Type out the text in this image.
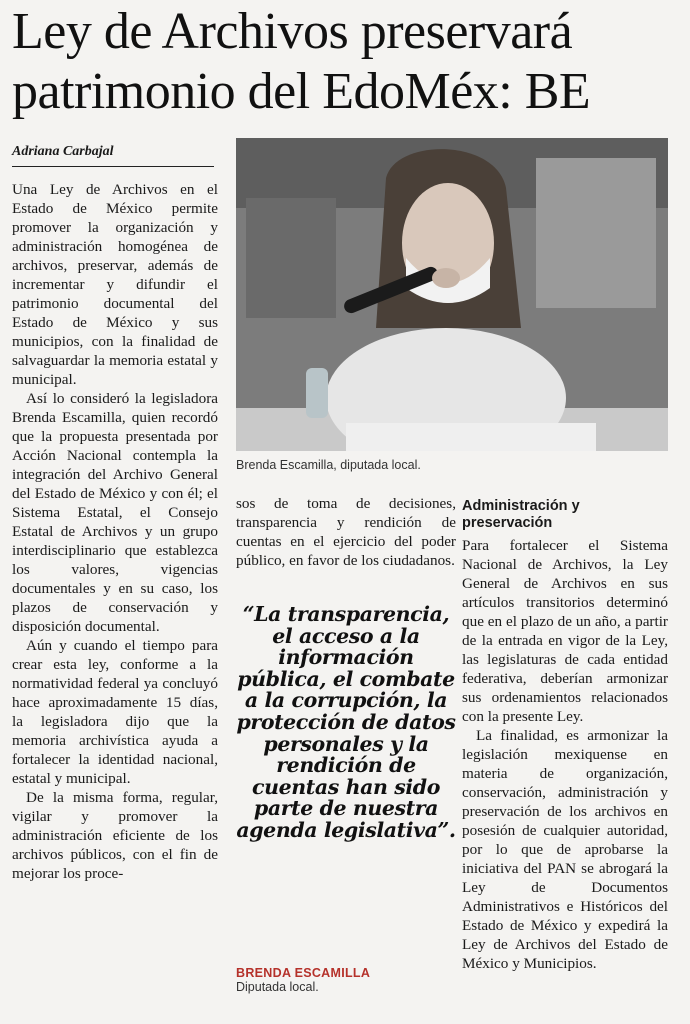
Ley de Archivos preservará
patrimonio del EdoMéx: BE
Adriana Carbajal

Una Ley de Archivos en el Estado de México permite promover la organización y administración homogénea de archivos, preservar, además de incrementar y difundir el patrimonio documental del Estado de México y sus municipios, con la finalidad de salvaguardar la memoria estatal y municipal.

Así lo consideró la legisladora Brenda Escamilla, quien recordó que la propuesta presentada por Acción Nacional contempla la integración del Archivo General del Estado de México y con él; el Sistema Estatal, el Consejo Estatal de Archivos y un grupo interdisciplinario que establezca los valores, vigencias documentales y en su caso, los plazos de conservación y disposición documental.

Aún y cuando el tiempo para crear esta ley, conforme a la normatividad federal ya concluyó hace aproximadamente 15 días, la legisladora dijo que la memoria archivística ayuda a fortalecer la identidad nacional, estatal y municipal.

De la misma forma, regular, vigilar y promover la administración eficiente de los archivos públicos, con el fin de mejorar los proce-

Brenda Escamilla, diputada local.

sos de toma de decisiones, transparencia y rendición de cuentas en el ejercicio del poder público, en favor de los ciudadanos.

“La transparencia, el acceso a la información pública, el combate a la corrupción, la protección de datos personales y la rendición de cuentas han sido parte de nuestra agenda legislativa”.
BRENDA ESCAMILLA
Diputada local.
Administración y preservación

Para fortalecer el Sistema Nacional de Archivos, la Ley General de Archivos en sus artículos transitorios determinó que en el plazo de un año, a partir de la entrada en vigor de la Ley, las legislaturas de cada entidad federativa, deberían armonizar sus ordenamientos relacionados con la presente Ley.

La finalidad, es armonizar la legislación mexiquense en materia de organización, conservación, administración y preservación de los archivos en posesión de cualquier autoridad, por lo que de aprobarse la iniciativa del PAN se abrogará la Ley de Documentos Administrativos e Históricos del Estado de México y expedirá la Ley de Archivos del Estado de México y Municipios.
